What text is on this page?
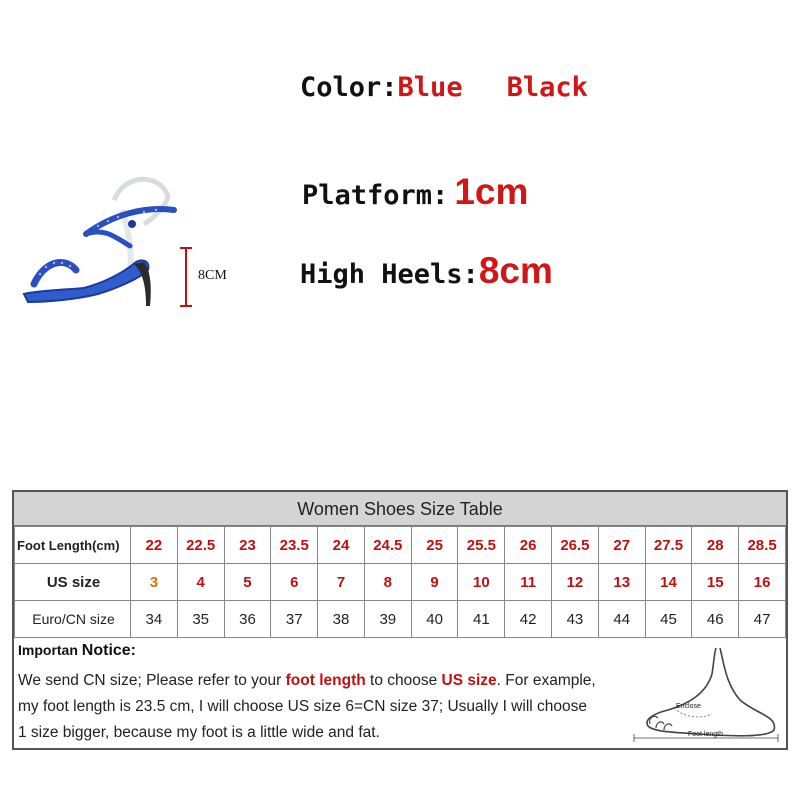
Color:Blue Black
Platform: 1cm
High Heels:8cm
8CM
Women Shoes Size Table
Foot Length(cm)	22	22.5	23	23.5	24	24.5	25	25.5	26	26.5	27	27.5	28	28.5
US size	3	4	5	6	7	8	9	10	11	12	13	14	15	16
Euro/CN size	34	35	36	37	38	39	40	41	42	43	44	45	46	47
Importan Notice:
We send CN size; Please refer to your foot length to choose US size. For example,
my foot length is 23.5 cm, I will choose US size 6=CN size 37; Usually I will choose
1 size bigger, because my foot is a little wide and fat.
Enclose
Foot length
